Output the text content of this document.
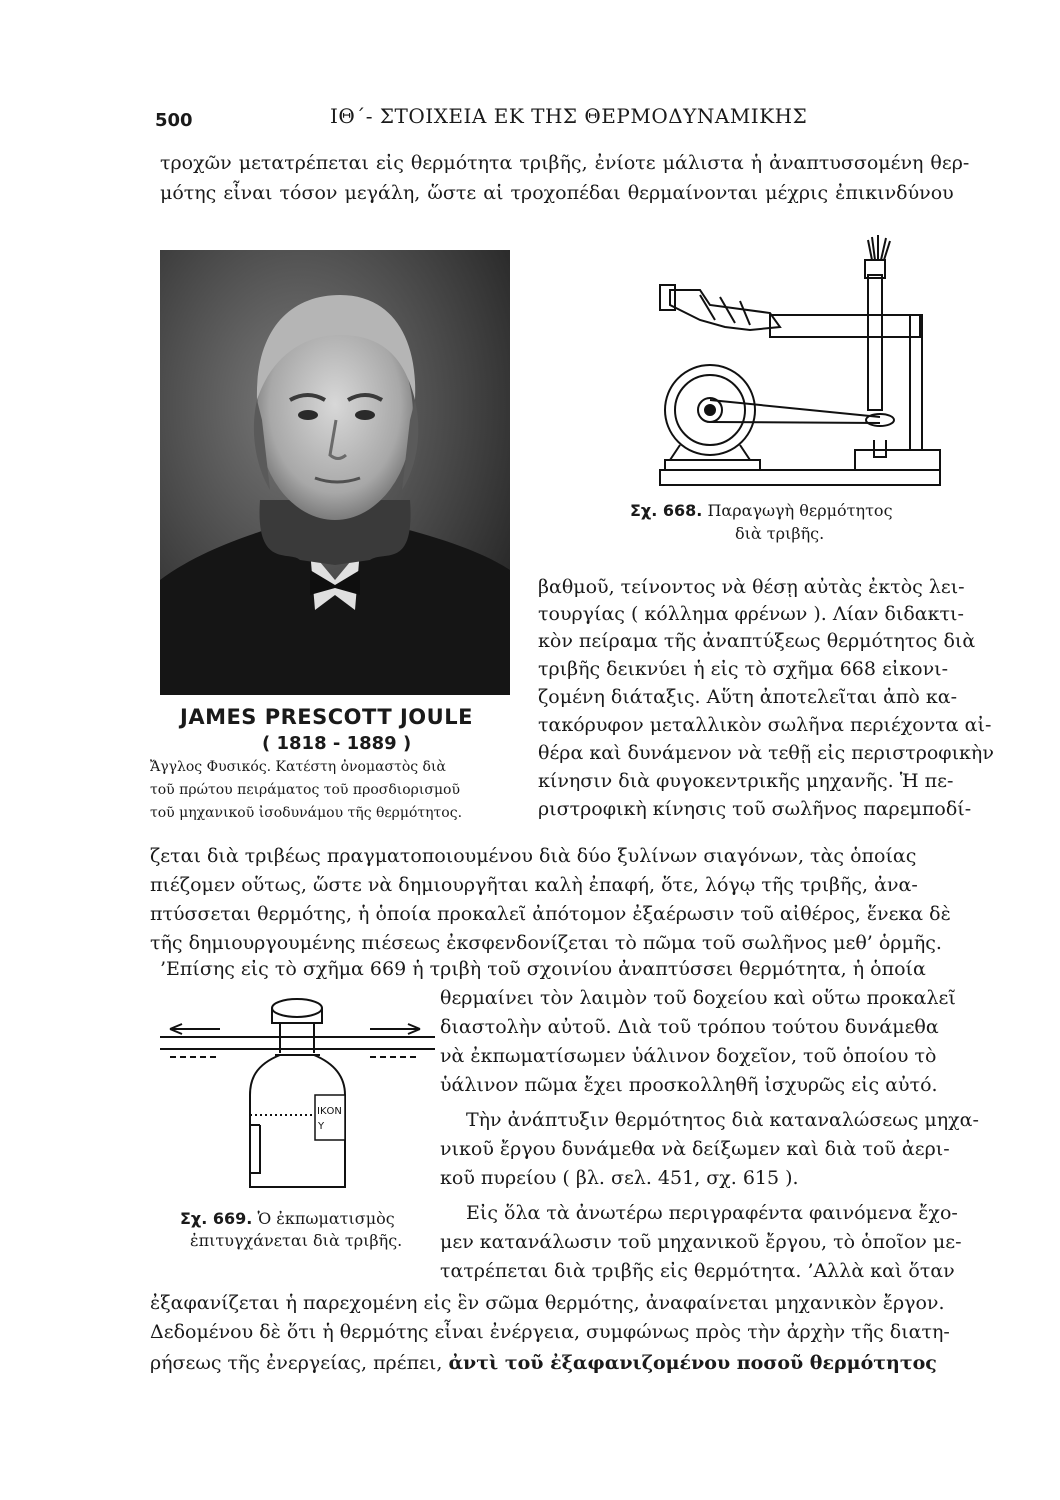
500	ΙΘ΄- ΣΤΟΙΧΕΙΑ ΕΚ ΤΗΣ ΘΕΡΜΟΔΥΝΑΜΙΚΗΣ
τροχῶν μετατρέπεται εἰς θερμότητα τριβῆς, ἐνίοτε μάλιστα ἡ ἀναπτυσσομένη θερ-
μότης εἶναι τόσον μεγάλη, ὥστε αἱ τροχοπέδαι θερμαίνονται μέχρις ἐπικινδύνου
JAMES PRESCOTT JOULE
( 1818 - 1889 )
Ἄγγλος Φυσικός. Κατέστη ὀνομαστὸς διὰ
τοῦ πρώτου πειράματος τοῦ προσδιορισμοῦ
τοῦ μηχανικοῦ ἰσοδυνάμου τῆς θερμότητος.
Σχ. 668. Παραγωγὴ θερμότητος
διὰ τριβῆς.
βαθμοῦ, τείνοντος νὰ θέσῃ αὐτὰς ἐκτὸς λει-
τουργίας ( κόλλημα φρένων ). Λίαν διδακτι-
κὸν πείραμα τῆς ἀναπτύξεως θερμότητος διὰ
τριβῆς δεικνύει ἡ εἰς τὸ σχῆμα 668 εἰκονι-
ζομένη διάταξις. Αὕτη ἀποτελεῖται ἀπὸ κα-
τακόρυφον μεταλλικὸν σωλῆνα περιέχοντα αἰ-
θέρα καὶ δυνάμενον νὰ τεθῇ εἰς περιστροφικὴν
κίνησιν διὰ φυγοκεντρικῆς μηχανῆς. Ἡ πε-
ριστροφικὴ κίνησις τοῦ σωλῆνος παρεμποδί-
ζεται διὰ τριβέως πραγματοποιουμένου διὰ δύο ξυλίνων σιαγόνων, τὰς ὁποίας
πιέζομεν οὕτως, ὥστε νὰ δημιουργῆται καλὴ ἐπαφή, ὅτε, λόγῳ τῆς τριβῆς, ἀνα-
πτύσσεται θερμότης, ἡ ὁποία προκαλεῖ ἀπότομον ἐξαέρωσιν τοῦ αἰθέρος, ἕνεκα δὲ
τῆς δημιουργουμένης πιέσεως ἐκσφενδονίζεται τὸ πῶμα τοῦ σωλῆνος μεθ’ ὁρμῆς.
’Επίσης εἰς τὸ σχῆμα 669 ἡ τριβὴ τοῦ σχοινίου ἀναπτύσσει θερμότητα, ἡ ὁποία
ΙΚΟΝ
Υ
Σχ. 669. Ὁ ἐκπωματισμὸς
ἐπιτυγχάνεται διὰ τριβῆς.
θερμαίνει τὸν λαιμὸν τοῦ δοχείου καὶ οὕτω προκαλεῖ
διαστολὴν αὐτοῦ. Διὰ τοῦ τρόπου τούτου δυνάμεθα
νὰ ἐκπωματίσωμεν ὑάλινον δοχεῖον, τοῦ ὁποίου τὸ
ὑάλινον πῶμα ἔχει προσκολληθῆ ἰσχυρῶς εἰς αὐτό.
Τὴν ἀνάπτυξιν θερμότητος διὰ καταναλώσεως μηχα-
νικοῦ ἔργου δυνάμεθα νὰ δείξωμεν καὶ διὰ τοῦ ἀερι-
κοῦ πυρείου ( βλ. σελ. 451, σχ. 615 ).
Εἰς ὅλα τὰ ἀνωτέρω περιγραφέντα φαινόμενα ἔχο-
μεν κατανάλωσιν τοῦ μηχανικοῦ ἔργου, τὸ ὁποῖον με-
τατρέπεται διὰ τριβῆς εἰς θερμότητα. ’Αλλὰ καὶ ὅταν
ἐξαφανίζεται ἡ παρεχομένη εἰς ἓν σῶμα θερμότης, ἀναφαίνεται μηχανικὸν ἔργον.
Δεδομένου δὲ ὅτι ἡ θερμότης εἶναι ἐνέργεια, συμφώνως πρὸς τὴν ἀρχὴν τῆς διατη-
ρήσεως τῆς ἐνεργείας, πρέπει, ἀντὶ τοῦ ἐξαφανιζομένου ποσοῦ θερμότητος
